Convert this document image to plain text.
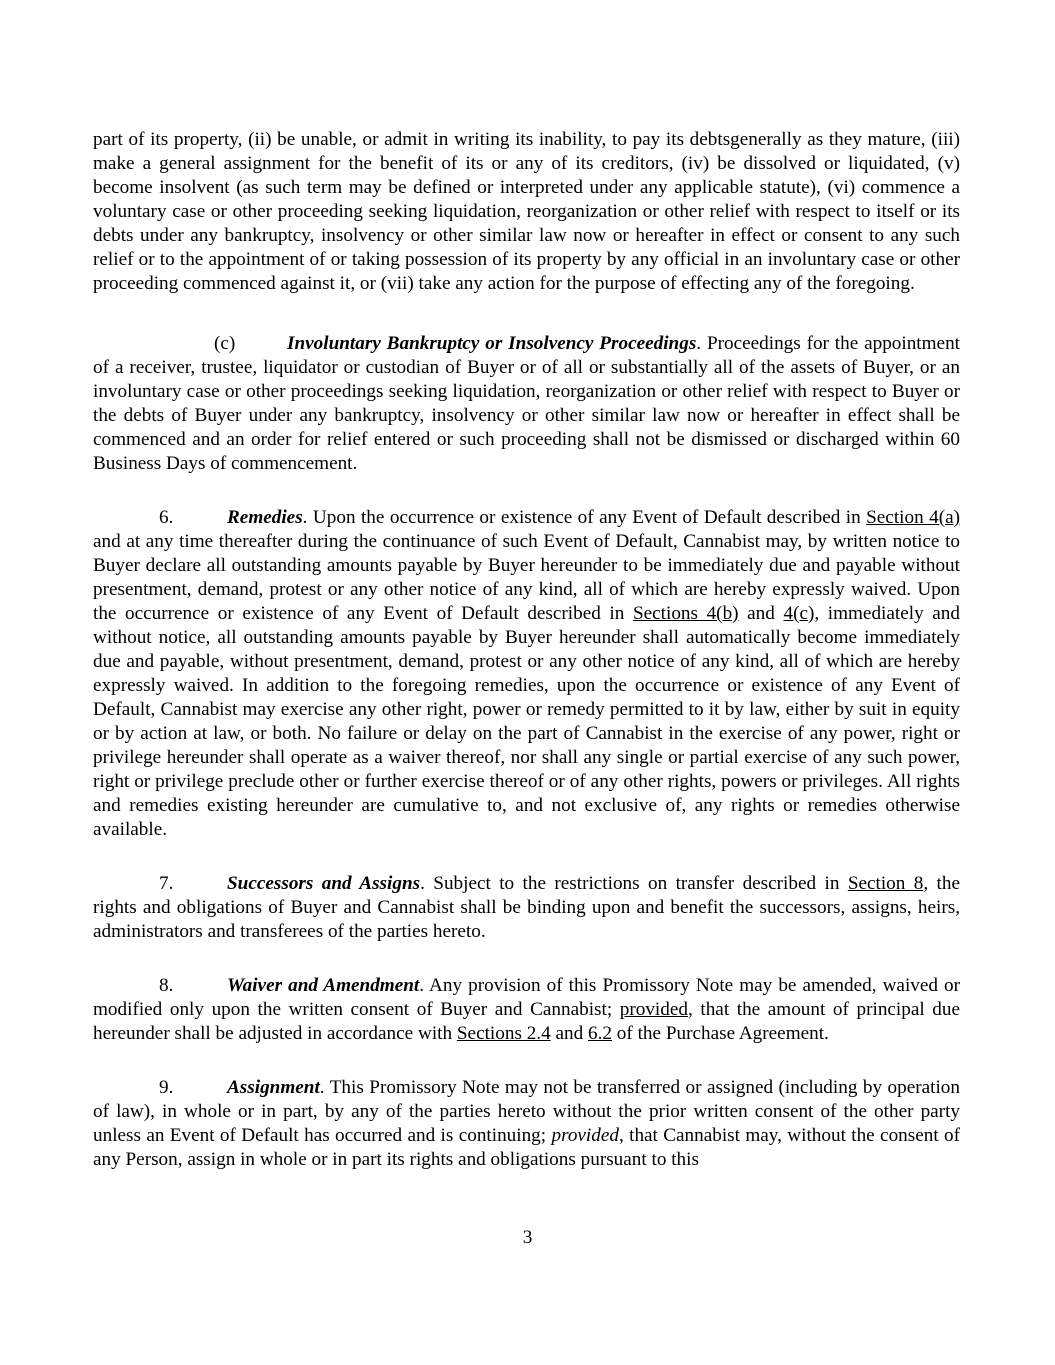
part of its property, (ii) be unable, or admit in writing its inability, to pay its debtsgenerally as they mature, (iii) make a general assignment for the benefit of its or any of its creditors, (iv) be dissolved or liquidated, (v) become insolvent (as such term may be defined or interpreted under any applicable statute), (vi) commence a voluntary case or other proceeding seeking liquidation, reorganization or other relief with respect to itself or its debts under any bankruptcy, insolvency or other similar law now or hereafter in effect or consent to any such relief or to the appointment of or taking possession of its property by any official in an involuntary case or other proceeding commenced against it, or (vii) take any action for the purpose of effecting any of the foregoing.

(c)	Involuntary Bankruptcy or Insolvency Proceedings. Proceedings for the appointment of a receiver, trustee, liquidator or custodian of Buyer or of all or substantially all of the assets of Buyer, or an involuntary case or other proceedings seeking liquidation, reorganization or other relief with respect to Buyer or the debts of Buyer under any bankruptcy, insolvency or other similar law now or hereafter in effect shall be commenced and an order for relief entered or such proceeding shall not be dismissed or discharged within 60 Business Days of commencement.

6.	Remedies. Upon the occurrence or existence of any Event of Default described in Section 4(a) and at any time thereafter during the continuance of such Event of Default, Cannabist may, by written notice to Buyer declare all outstanding amounts payable by Buyer hereunder to be immediately due and payable without presentment, demand, protest or any other notice of any kind, all of which are hereby expressly waived. Upon the occurrence or existence of any Event of Default described in Sections 4(b) and 4(c), immediately and without notice, all outstanding amounts payable by Buyer hereunder shall automatically become immediately due and payable, without presentment, demand, protest or any other notice of any kind, all of which are hereby expressly waived. In addition to the foregoing remedies, upon the occurrence or existence of any Event of Default, Cannabist may exercise any other right, power or remedy permitted to it by law, either by suit in equity or by action at law, or both. No failure or delay on the part of Cannabist in the exercise of any power, right or privilege hereunder shall operate as a waiver thereof, nor shall any single or partial exercise of any such power, right or privilege preclude other or further exercise thereof or of any other rights, powers or privileges. All rights and remedies existing hereunder are cumulative to, and not exclusive of, any rights or remedies otherwise available.

7.	Successors and Assigns. Subject to the restrictions on transfer described in Section 8, the rights and obligations of Buyer and Cannabist shall be binding upon and benefit the successors, assigns, heirs, administrators and transferees of the parties hereto.

8.	Waiver and Amendment. Any provision of this Promissory Note may be amended, waived or modified only upon the written consent of Buyer and Cannabist; provided, that the amount of principal due hereunder shall be adjusted in accordance with Sections 2.4 and 6.2 of the Purchase Agreement.

9.	Assignment. This Promissory Note may not be transferred or assigned (including by operation of law), in whole or in part, by any of the parties hereto without the prior written consent of the other party unless an Event of Default has occurred and is continuing; provided, that Cannabist may, without the consent of any Person, assign in whole or in part its rights and obligations pursuant to this

3
